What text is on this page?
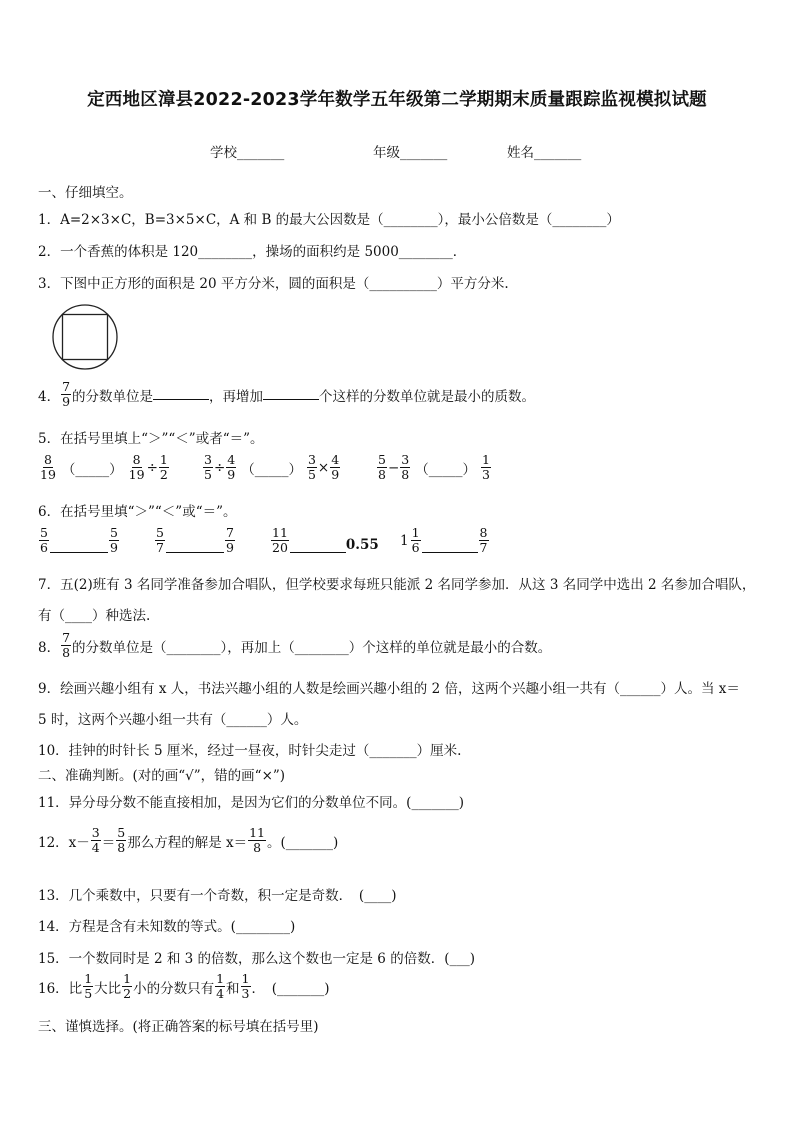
定西地区漳县2022-2023学年数学五年级第二学期期末质量跟踪监视模拟试题
学校_______	年级_______	姓名_______
一、仔细填空。
1．A=2×3×C，B=3×5×C，A 和 B 的最大公因数是（________），最小公倍数是（________）
2．一个香蕉的体积是 120________，操场的面积约是 5000________．
3．下图中正方形的面积是 20 平方分米，圆的面积是（__________）平方分米.
4． $\frac{7}{9}$ 的分数单位是	，再增加	个这样的分数单位就是最小的质数。
5．在括号里填上“＞”“＜”或者“＝”。
$\frac{8}{19}$ （_____） $\frac{8}{19} \div \frac{1}{2}$	$\frac{3}{5} \div \frac{4}{9}$ （_____） $\frac{3}{5} \times \frac{4}{9}$	$\frac{5}{8} - \frac{3}{8}$ （_____） $\frac{1}{3}$
6．在括号里填“＞”“＜”或“＝”。
$\frac{5}{6}$	$\frac{5}{9}$	$\frac{5}{7}$	$\frac{7}{9}$	$\frac{11}{20}$	0.55 $1 \frac{1}{6}$	$\frac{8}{7}$
7．五(2)班有 3 名同学准备参加合唱队，但学校要求每班只能派 2 名同学参加．从这 3 名同学中选出 2 名参加合唱队，
有（____）种选法.
8． $\frac{7}{8}$ 的分数单位是（________），再加上（________）个这样的单位就是最小的合数。
9．绘画兴趣小组有 x 人，书法兴趣小组的人数是绘画兴趣小组的 2 倍，这两个兴趣小组一共有（______）人。当 x＝
5 时，这两个兴趣小组一共有（______）人。
10．挂钟的时针长 5 厘米，经过一昼夜，时针尖走过（_______）厘米.
二、准确判断。(对的画“√”，错的画“×”)
11．异分母分数不能直接相加，是因为它们的分数单位不同。(_______)
12．$x- \frac{3}{4} = \frac{5}{8}$ 那么方程的解是 $x= \frac{11}{8}$ 。(_______)
13．几个乘数中，只要有一个奇数，积一定是奇数．　(____)
14．方程是含有未知数的等式。(________)
15．一个数同时是 2 和 3 的倍数，那么这个数也一定是 6 的倍数．(___)
16．比 $\frac{1}{5}$ 大比 $\frac{1}{2}$ 小的分数只有 $\frac{1}{4}$ 和 $\frac{1}{3}$ ．　(_______)
三、谨慎选择。(将正确答案的标号填在括号里)
